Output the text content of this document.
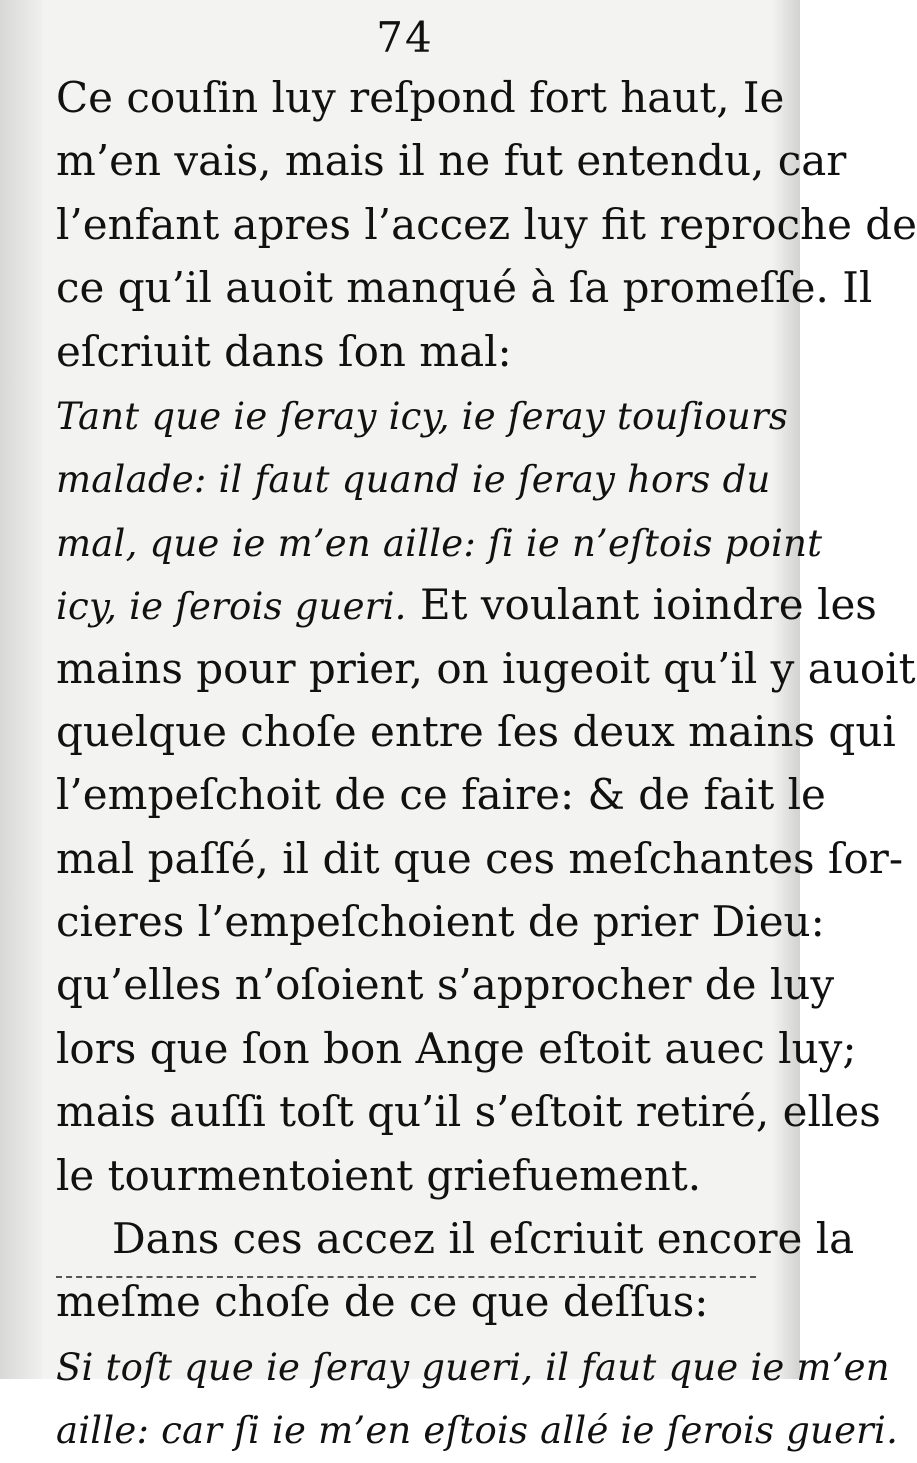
74
Ce couſin luy reſpond fort haut, Ie
m’en vais, mais il ne fut entendu, car
l’enfant apres l’accez luy fit reproche de
ce qu’il auoit manqué à ſa promeſſe. Il
eſcriuit dans ſon mal:
Tant que ie ſeray icy, ie ſeray touſiours
malade: il faut quand ie ſeray hors du
mal, que ie m’en aille: ſi ie n’eſtois point
icy, ie ſerois gueri. Et voulant ioindre les
mains pour prier, on iugeoit qu’il y auoit
quelque choſe entre ſes deux mains qui
l’empeſchoit de ce faire: & de fait le
mal paſſé, il dit que ces meſchantes ſor-
cieres l’empeſchoient de prier Dieu:
qu’elles n’oſoient s’approcher de luy
lors que ſon bon Ange eſtoit auec luy;
mais auſſi toſt qu’il s’eſtoit retiré, elles
le tourmentoient griefuement.
Dans ces accez il eſcriuit encore la
meſme choſe de ce que deſſus:
Si toſt que ie ſeray gueri, il faut que ie m’en
aille: car ſi ie m’en eſtois allé ie ſerois gueri.
